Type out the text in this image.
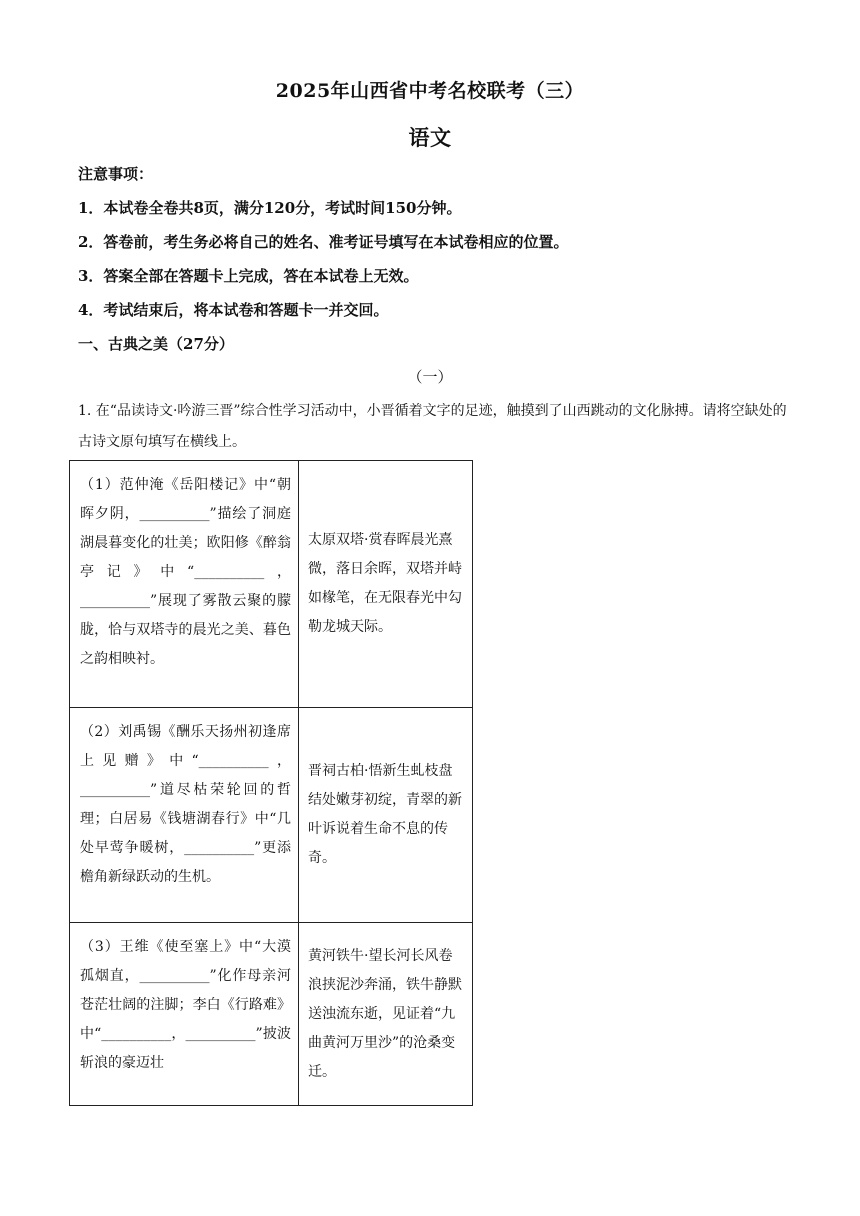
2025年山西省中考名校联考（三）
语文
注意事项：
1．本试卷全卷共8页，满分120分，考试时间150分钟。
2．答卷前，考生务必将自己的姓名、准考证号填写在本试卷相应的位置。
3．答案全部在答题卡上完成，答在本试卷上无效。
4．考试结束后，将本试卷和答题卡一并交回。
一、古典之美（27分）
（一）
1. 在“品读诗文·吟游三晋”综合性学习活动中，小晋循着文字的足迹，触摸到了山西跳动的文化脉搏。请将空缺处的古诗文原句填写在横线上。
（1）范仲淹《岳阳楼记》中“朝晖夕阴，__________”描绘了洞庭湖晨暮变化的壮美；欧阳修《醉翁亭记》中“__________，__________”展现了雾散云聚的朦胧，恰与双塔寺的晨光之美、暮色之韵相映衬。	太原双塔·赏春晖晨光熹微，落日余晖，双塔并峙如椽笔，在无限春光中勾勒龙城天际。
（2）刘禹锡《酬乐天扬州初逢席上见赠》中“__________，__________”道尽枯荣轮回的哲理；白居易《钱塘湖春行》中“几处早莺争暖树，__________”更添檐角新绿跃动的生机。	晋祠古柏·悟新生虬枝盘结处嫩芽初绽，青翠的新叶诉说着生命不息的传奇。
（3）王维《使至塞上》中“大漠孤烟直，__________”化作母亲河苍茫壮阔的注脚；李白《行路难》中“__________，__________”披波斩浪的豪迈壮	黄河铁牛·望长河长风卷浪挟泥沙奔涌，铁牛静默送浊流东逝，见证着“九曲黄河万里沙”的沧桑变迁。
